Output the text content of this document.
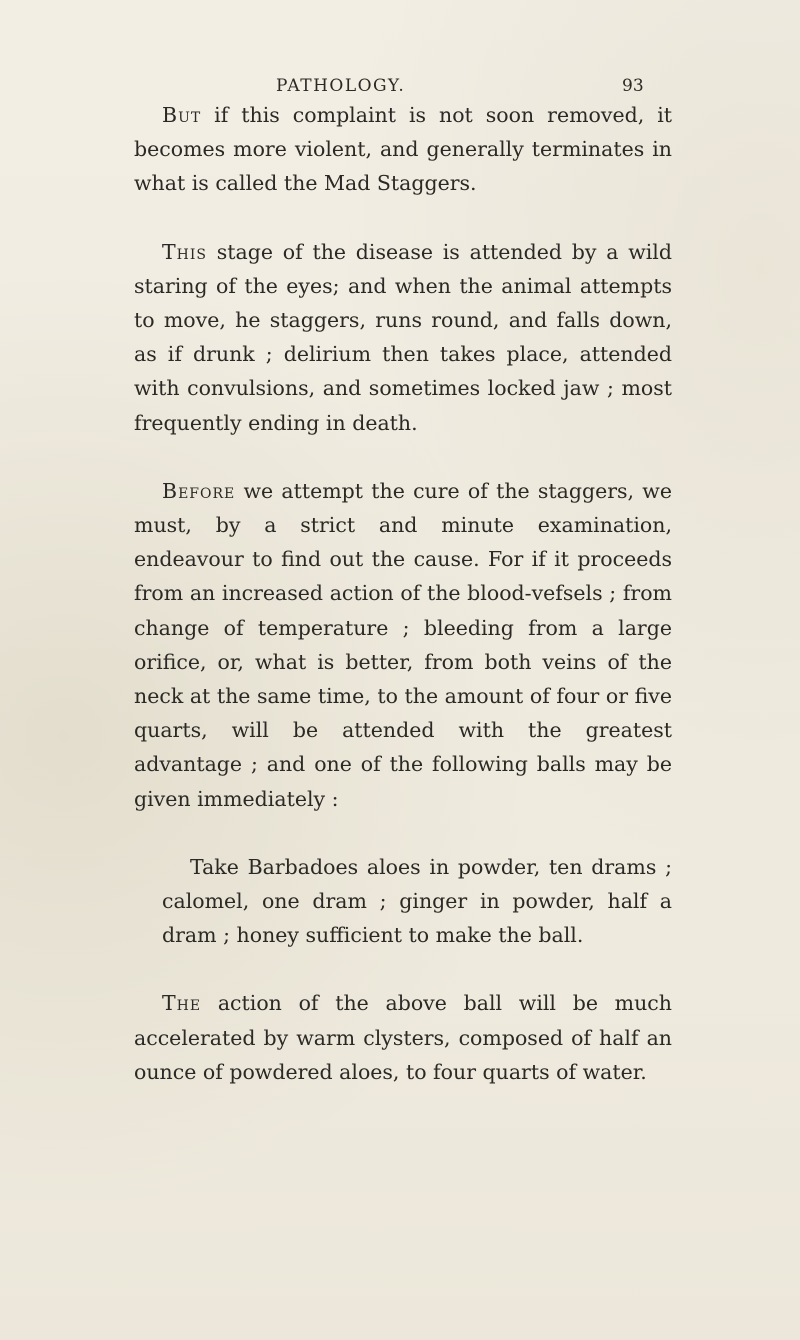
PATHOLOGY.	93

But if this complaint is not soon removed, it becomes more violent, and generally terminates in what is called the Mad Staggers.

This stage of the disease is attended by a wild staring of the eyes; and when the animal attempts to move, he staggers, runs round, and falls down, as if drunk ; delirium then takes place, attended with convulsions, and sometimes locked jaw ; most frequently ending in death.

Before we attempt the cure of the staggers, we must, by a strict and minute examination, endeavour to find out the cause. For if it proceeds from an increased action of the blood-vefsels ; from change of temperature ; bleeding from a large orifice, or, what is better, from both veins of the neck at the same time, to the amount of four or five quarts, will be attended with the greatest advantage ; and one of the following balls may be given immediately :

Take Barbadoes aloes in powder, ten drams ; calomel, one dram ; ginger in powder, half a dram ; honey sufficient to make the ball.

The action of the above ball will be much accelerated by warm clysters, composed of half an ounce of powdered aloes, to four quarts of water.
